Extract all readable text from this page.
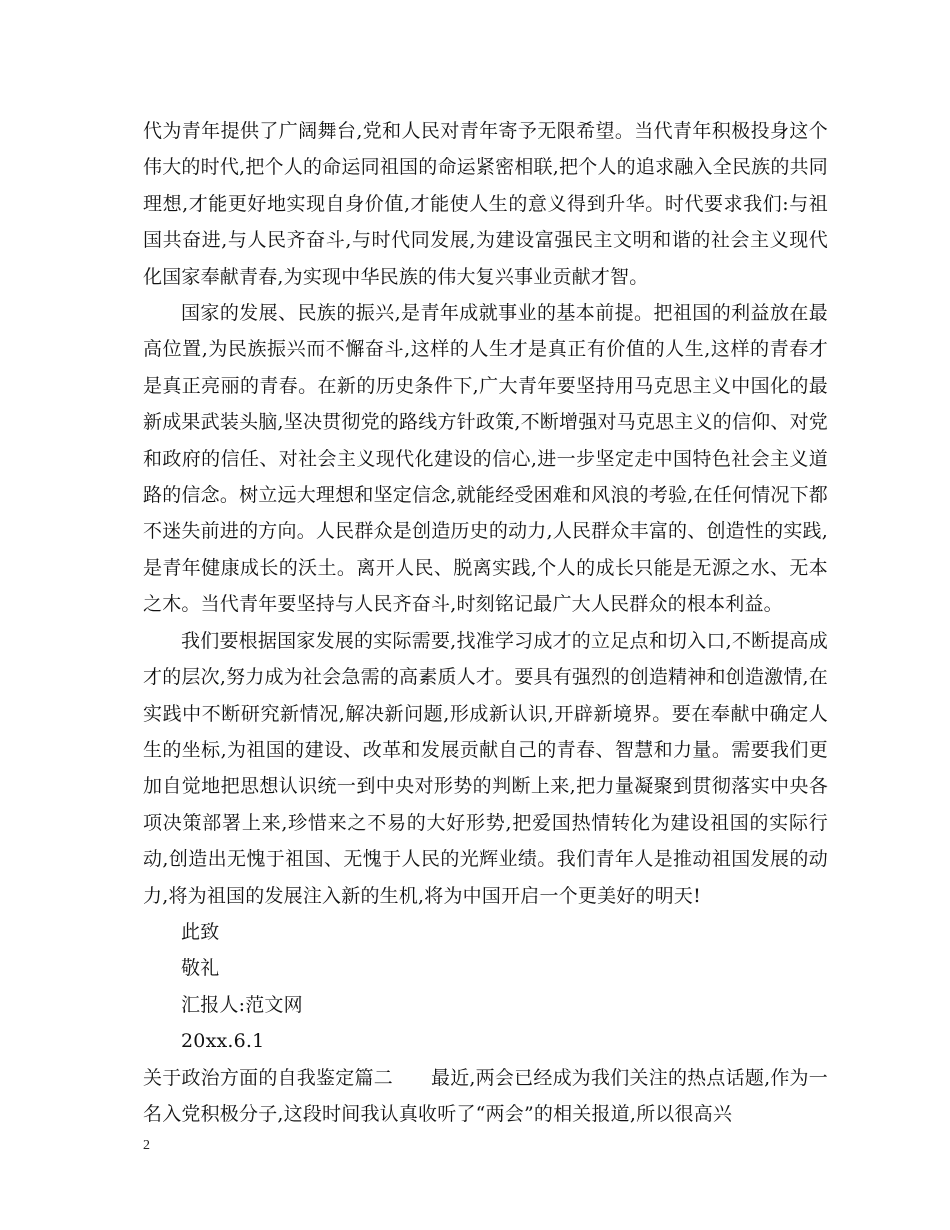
代为青年提供了广阔舞台,党和人民对青年寄予无限希望。当代青年积极投身这个伟大的时代,把个人的命运同祖国的命运紧密相联,把个人的追求融入全民族的共同理想,才能更好地实现自身价值,才能使人生的意义得到升华。时代要求我们:与祖国共奋进,与人民齐奋斗,与时代同发展,为建设富强民主文明和谐的社会主义现代化国家奉献青春,为实现中华民族的伟大复兴事业贡献才智。

国家的发展、民族的振兴,是青年成就事业的基本前提。把祖国的利益放在最高位置,为民族振兴而不懈奋斗,这样的人生才是真正有价值的人生,这样的青春才是真正亮丽的青春。在新的历史条件下,广大青年要坚持用马克思主义中国化的最新成果武装头脑,坚决贯彻党的路线方针政策,不断增强对马克思主义的信仰、对党和政府的信任、对社会主义现代化建设的信心,进一步坚定走中国特色社会主义道路的信念。树立远大理想和坚定信念,就能经受困难和风浪的考验,在任何情况下都不迷失前进的方向。人民群众是创造历史的动力,人民群众丰富的、创造性的实践,是青年健康成长的沃土。离开人民、脱离实践,个人的成长只能是无源之水、无本之木。当代青年要坚持与人民齐奋斗,时刻铭记最广大人民群众的根本利益。

我们要根据国家发展的实际需要,找准学习成才的立足点和切入口,不断提高成才的层次,努力成为社会急需的高素质人才。要具有强烈的创造精神和创造激情,在实践中不断研究新情况,解决新问题,形成新认识,开辟新境界。要在奉献中确定人生的坐标,为祖国的建设、改革和发展贡献自己的青春、智慧和力量。需要我们更加自觉地把思想认识统一到中央对形势的判断上来,把力量凝聚到贯彻落实中央各项决策部署上来,珍惜来之不易的大好形势,把爱国热情转化为建设祖国的实际行动,创造出无愧于祖国、无愧于人民的光辉业绩。我们青年人是推动祖国发展的动力,将为祖国的发展注入新的生机,将为中国开启一个更美好的明天!

此致

敬礼

汇报人:范文网

20xx.6.1

关于政治方面的自我鉴定篇二 最近,两会已经成为我们关注的热点话题,作为一名入党积极分子,这段时间我认真收听了“两会”的相关报道,所以很高兴

2
